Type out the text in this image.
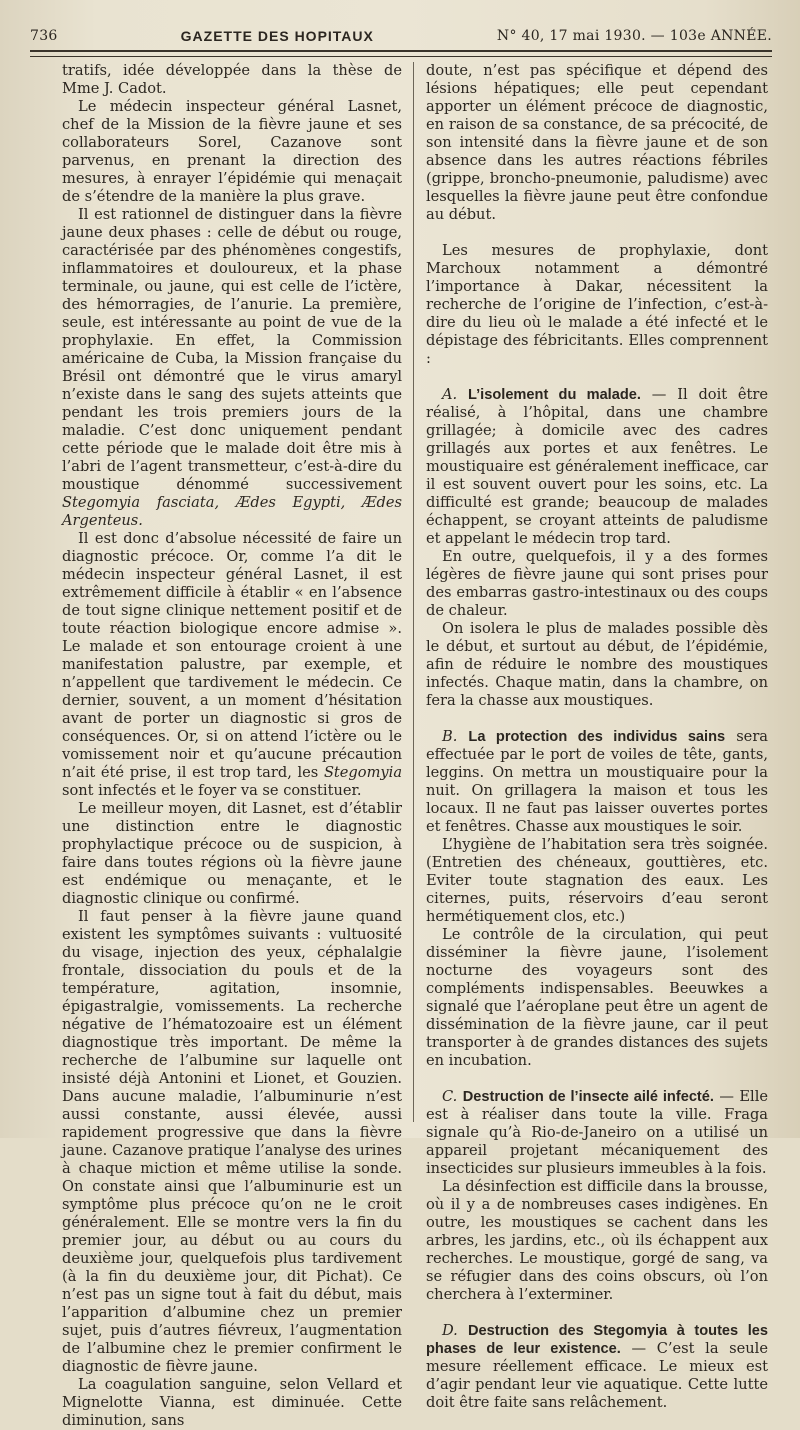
736	GAZETTE DES HOPITAUX	N° 40, 17 mai 1930. — 103e ANNÉE.

tratifs, idée développée dans la thèse de Mme J. Cadot.

Le médecin inspecteur général Lasnet, chef de la Mission de la fièvre jaune et ses collaborateurs Sorel, Cazanove sont parvenus, en prenant la direction des mesures, à enrayer l’épidémie qui menaçait de s’étendre de la manière la plus grave.

Il est rationnel de distinguer dans la fièvre jaune deux phases : celle de début ou rouge, caractérisée par des phénomènes congestifs, inflammatoires et douloureux, et la phase terminale, ou jaune, qui est celle de l’ictère, des hémorragies, de l’anurie. La première, seule, est intéressante au point de vue de la prophylaxie. En effet, la Commission américaine de Cuba, la Mission française du Brésil ont démontré que le virus amaryl n’existe dans le sang des sujets atteints que pendant les trois premiers jours de la maladie. C’est donc uniquement pendant cette période que le malade doit être mis à l’abri de l’agent transmetteur, c’est-à-dire du moustique dénommé successivement Stegomyia fasciata, Ædes Egypti, Ædes Argenteus.

Il est donc d’absolue nécessité de faire un diagnostic précoce. Or, comme l’a dit le médecin inspecteur général Lasnet, il est extrêmement difficile à établir « en l’absence de tout signe clinique nettement positif et de toute réaction biologique encore admise ». Le malade et son entourage croient à une manifestation palustre, par exemple, et n’appellent que tardivement le médecin. Ce dernier, souvent, a un moment d’hésitation avant de porter un diagnostic si gros de conséquences. Or, si on attend l’ictère ou le vomissement noir et qu’aucune précaution n’ait été prise, il est trop tard, les Stegomyia sont infectés et le foyer va se constituer.

Le meilleur moyen, dit Lasnet, est d’établir une distinction entre le diagnostic prophylactique précoce ou de suspicion, à faire dans toutes régions où la fièvre jaune est endémique ou menaçante, et le diagnostic clinique ou confirmé.

Il faut penser à la fièvre jaune quand existent les symptômes suivants : vultuosité du visage, injection des yeux, céphalalgie frontale, dissociation du pouls et de la température, agitation, insomnie, épigastralgie, vomissements. La recherche négative de l’hématozoaire est un élément diagnostique très important. De même la recherche de l’albumine sur laquelle ont insisté déjà Antonini et Lionet, et Gouzien. Dans aucune maladie, l’albuminurie n’est aussi constante, aussi élevée, aussi rapidement progressive que dans la fièvre jaune. Cazanove pratique l’analyse des urines à chaque miction et même utilise la sonde. On constate ainsi que l’albuminurie est un symptôme plus précoce qu’on ne le croit généralement. Elle se montre vers la fin du premier jour, au début ou au cours du deuxième jour, quelquefois plus tardivement (à la fin du deuxième jour, dit Pichat). Ce n’est pas un signe tout à fait du début, mais l’apparition d’albumine chez un premier sujet, puis d’autres fiévreux, l’augmentation de l’albumine chez le premier confirment le diagnostic de fièvre jaune.

La coagulation sanguine, selon Vellard et Mignelotte Vianna, est diminuée. Cette diminution, sans

doute, n’est pas spécifique et dépend des lésions hépatiques; elle peut cependant apporter un élément précoce de diagnostic, en raison de sa constance, de sa précocité, de son intensité dans la fièvre jaune et de son absence dans les autres réactions fébriles (grippe, broncho-pneumonie, paludisme) avec lesquelles la fièvre jaune peut être confondue au début.

Les mesures de prophylaxie, dont Marchoux notamment a démontré l’importance à Dakar, nécessitent la recherche de l’origine de l’infection, c’est-à-dire du lieu où le malade a été infecté et le dépistage des fébricitants. Elles comprennent :

A. L’isolement du malade. — Il doit être réalisé, à l’hôpital, dans une chambre grillagée; à domicile avec des cadres grillagés aux portes et aux fenêtres. Le moustiquaire est généralement inefficace, car il est souvent ouvert pour les soins, etc. La difficulté est grande; beaucoup de malades échappent, se croyant atteints de paludisme et appelant le médecin trop tard.

En outre, quelquefois, il y a des formes légères de fièvre jaune qui sont prises pour des embarras gastro-intestinaux ou des coups de chaleur.

On isolera le plus de malades possible dès le début, et surtout au début, de l’épidémie, afin de réduire le nombre des moustiques infectés. Chaque matin, dans la chambre, on fera la chasse aux moustiques.

B. La protection des individus sains sera effectuée par le port de voiles de tête, gants, leggins. On mettra un moustiquaire pour la nuit. On grillagera la maison et tous les locaux. Il ne faut pas laisser ouvertes portes et fenêtres. Chasse aux moustiques le soir.

L’hygiène de l’habitation sera très soignée. (Entretien des chéneaux, gouttières, etc. Eviter toute stagnation des eaux. Les citernes, puits, réservoirs d’eau seront hermétiquement clos, etc.)

Le contrôle de la circulation, qui peut disséminer la fièvre jaune, l’isolement nocturne des voyageurs sont des compléments indispensables. Beeuwkes a signalé que l’aéroplane peut être un agent de dissémination de la fièvre jaune, car il peut transporter à de grandes distances des sujets en incubation.

C. Destruction de l’insecte ailé infecté. — Elle est à réaliser dans toute la ville. Fraga signale qu’à Rio-de-Janeiro on a utilisé un appareil projetant mécaniquement des insecticides sur plusieurs immeubles à la fois.

La désinfection est difficile dans la brousse, où il y a de nombreuses cases indigènes. En outre, les moustiques se cachent dans les arbres, les jardins, etc., où ils échappent aux recherches. Le moustique, gorgé de sang, va se réfugier dans des coins obscurs, où l’on cherchera à l’exterminer.

D. Destruction des Stegomyia à toutes les phases de leur existence. — C’est la seule mesure réellement efficace. Le mieux est d’agir pendant leur vie aquatique. Cette lutte doit être faite sans relâchement.
